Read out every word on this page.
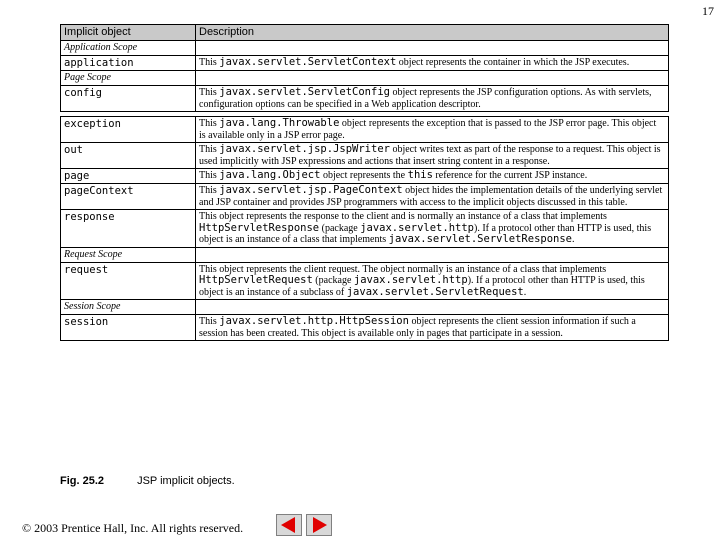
17
Implicit object	Description
Application Scope	
application	This javax.servlet.ServletContext object represents the container in which the JSP executes.
Page Scope	
config	This javax.servlet.ServletConfig object represents the JSP configuration options. As with servlets, configuration options can be specified in a Web application descriptor.

exception	This java.lang.Throwable object represents the exception that is passed to the JSP error page. This object is available only in a JSP error page.
out	This javax.servlet.jsp.JspWriter object writes text as part of the response to a request. This object is used implicitly with JSP expressions and actions that insert string content in a response.
page	This java.lang.Object object represents the this reference for the current JSP instance.
pageContext	This javax.servlet.jsp.PageContext object hides the implementation details of the underlying servlet and JSP container and provides JSP programmers with access to the implicit objects discussed in this table.
response	This object represents the response to the client and is normally an instance of a class that implements HttpServletResponse (package javax.servlet.http). If a protocol other than HTTP is used, this object is an instance of a class that implements javax.servlet.ServletResponse.
Request Scope	

request	This object represents the client request. The object normally is an instance of a class that implements HttpServletRequest (package javax.servlet.http). If a protocol other than HTTP is used, this object is an instance of a subclass of javax.servlet.ServletRequest.
Session Scope	
session	This javax.servlet.http.HttpSession object represents the client session information if such a session has been created. This object is available only in pages that participate in a session.
Fig. 25.2	JSP implicit objects.
© 2003 Prentice Hall, Inc. All rights reserved.
